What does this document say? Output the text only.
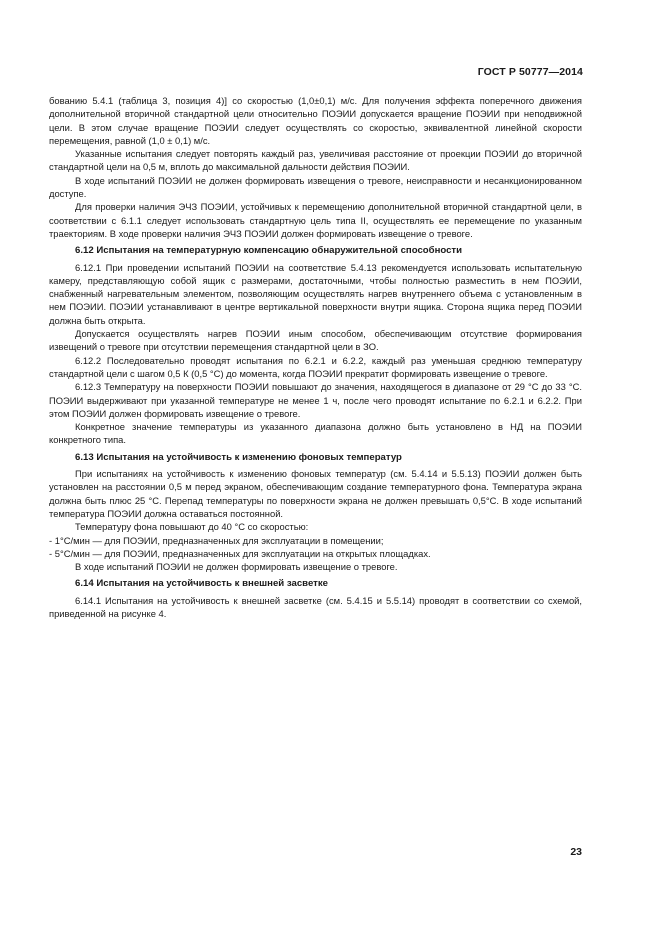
ГОСТ Р 50777—2014

бованию 5.4.1 (таблица 3, позиция 4)] со скоростью (1,0±0,1) м/с. Для получения эффекта поперечного движения дополнительной вторичной стандартной цели относительно ПОЭИИ допускается вращение ПОЭИИ при неподвижной цели. В этом случае вращение ПОЭИИ следует осуществлять со скоростью, эквивалентной линейной скорости перемещения, равной (1,0 ± 0,1) м/с.

Указанные испытания следует повторять каждый раз, увеличивая расстояние от проекции ПОЭИИ до вторичной стандартной цели на 0,5 м, вплоть до максимальной дальности действия ПОЭИИ.

В ходе испытаний ПОЭИИ не должен формировать извещения о тревоге, неисправности и несанкционированном доступе.

Для проверки наличия ЭЧЗ ПОЭИИ, устойчивых к перемещению дополнительной вторичной стандартной цели, в соответствии с 6.1.1 следует использовать стандартную цель типа II, осуществлять ее перемещение по указанным траекториям. В ходе проверки наличия ЭЧЗ ПОЭИИ должен формировать извещение о тревоге.

6.12 Испытания на температурную компенсацию обнаружительной способности

6.12.1 При проведении испытаний ПОЭИИ на соответствие 5.4.13 рекомендуется использовать испытательную камеру, представляющую собой ящик с размерами, достаточными, чтобы полностью разместить в нем ПОЭИИ, снабженный нагревательным элементом, позволяющим осуществлять нагрев внутреннего объема с установленным в нем ПОЭИИ. ПОЭИИ устанавливают в центре вертикальной поверхности внутри ящика. Сторона ящика перед ПОЭИИ должна быть открыта.

Допускается осуществлять нагрев ПОЭИИ иным способом, обеспечивающим отсутствие формирования извещений о тревоге при отсутствии перемещения стандартной цели в ЗО.

6.12.2 Последовательно проводят испытания по 6.2.1 и 6.2.2, каждый раз уменьшая среднюю температуру стандартной цели с шагом 0,5 К (0,5 °С) до момента, когда ПОЭИИ прекратит формировать извещение о тревоге.

6.12.3 Температуру на поверхности ПОЭИИ повышают до значения, находящегося в диапазоне от 29 °С до 33 °С. ПОЭИИ выдерживают при указанной температуре не менее 1 ч, после чего проводят испытание по 6.2.1 и 6.2.2. При этом ПОЭИИ должен формировать извещение о тревоге.

Конкретное значение температуры из указанного диапазона должно быть установлено в НД на ПОЭИИ конкретного типа.

6.13 Испытания на устойчивость к изменению фоновых температур

При испытаниях на устойчивость к изменению фоновых температур (см. 5.4.14 и 5.5.13) ПОЭИИ должен быть установлен на расстоянии 0,5 м перед экраном, обеспечивающим создание температурного фона. Температура экрана должна быть плюс 25 °С. Перепад температуры по поверхности экрана не должен превышать 0,5°С. В ходе испытаний температура ПОЭИИ должна оставаться постоянной.

Температуру фона повышают до 40 °С со скоростью:

- 1°С/мин — для ПОЭИИ, предназначенных для эксплуатации в помещении;

- 5°С/мин — для ПОЭИИ, предназначенных для эксплуатации на открытых площадках.

В ходе испытаний ПОЭИИ не должен формировать извещение о тревоге.

6.14 Испытания на устойчивость к внешней засветке

6.14.1 Испытания на устойчивость к внешней засветке (см. 5.4.15 и 5.5.14) проводят в соответствии со схемой, приведенной на рисунке 4.

23
